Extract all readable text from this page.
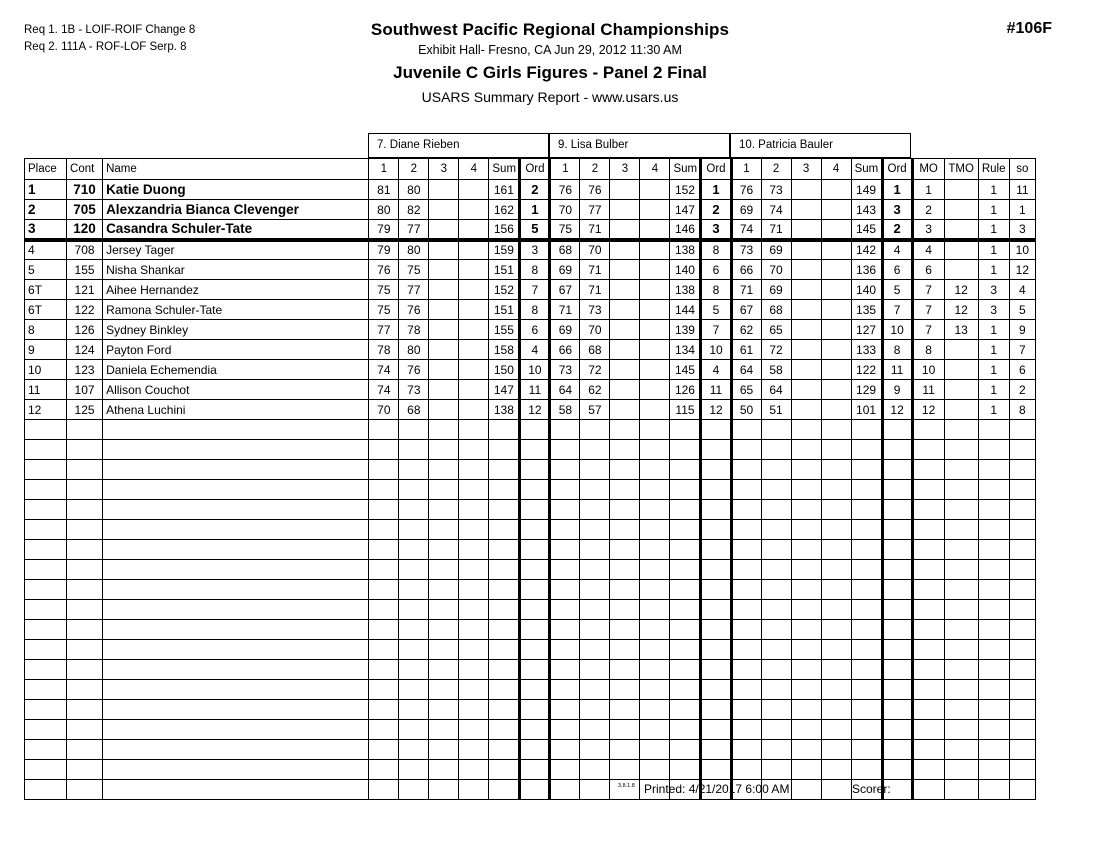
Req 1. 1B - LOIF-ROIF Change 8
Req 2. 111A - ROF-LOF Serp. 8
Southwest Pacific Regional Championships
Exhibit Hall- Fresno, CA Jun 29, 2012 11:30 AM
Juvenile C Girls Figures - Panel 2 Final
USARS Summary Report - www.usars.us
#106F
7. Diane Rieben	9. Lisa Bulber	10. Patricia Bauler
Place	Cont	Name	1	2	3	4	Sum	Ord	1	2	3	4	Sum	Ord	1	2	3	4	Sum	Ord	MO	TMO	Rule	so
1	710	Katie Duong	81	80			161	2	76	76			152	1	76	73			149	1	1		1	11
2	705	Alexzandria Bianca Clevenger	80	82			162	1	70	77			147	2	69	74			143	3	2		1	1
3	120	Casandra Schuler-Tate	79	77			156	5	75	71			146	3	74	71			145	2	3		1	3
4	708	Jersey Tager	79	80			159	3	68	70			138	8	73	69			142	4	4		1	10
5	155	Nisha Shankar	76	75			151	8	69	71			140	6	66	70			136	6	6		1	12
6T	121	Aihee Hernandez	75	77			152	7	67	71			138	8	71	69			140	5	7	12	3	4
6T	122	Ramona Schuler-Tate	75	76			151	8	71	73			144	5	67	68			135	7	7	12	3	5
8	126	Sydney Binkley	77	78			155	6	69	70			139	7	62	65			127	10	7	13	1	9
9	124	Payton Ford	78	80			158	4	66	68			134	10	61	72			133	8	8		1	7
10	123	Daniela Echemendia	74	76			150	10	73	72			145	4	64	58			122	11	10		1	6
11	107	Allison Couchot	74	73			147	11	64	62			126	11	65	64			129	9	11		1	2
12	125	Athena Luchini	70	68			138	12	58	57			115	12	50	51			101	12	12		1	8

3.8.1.8 Printed: 4/21/2017 6:00 AM	Scorer:
